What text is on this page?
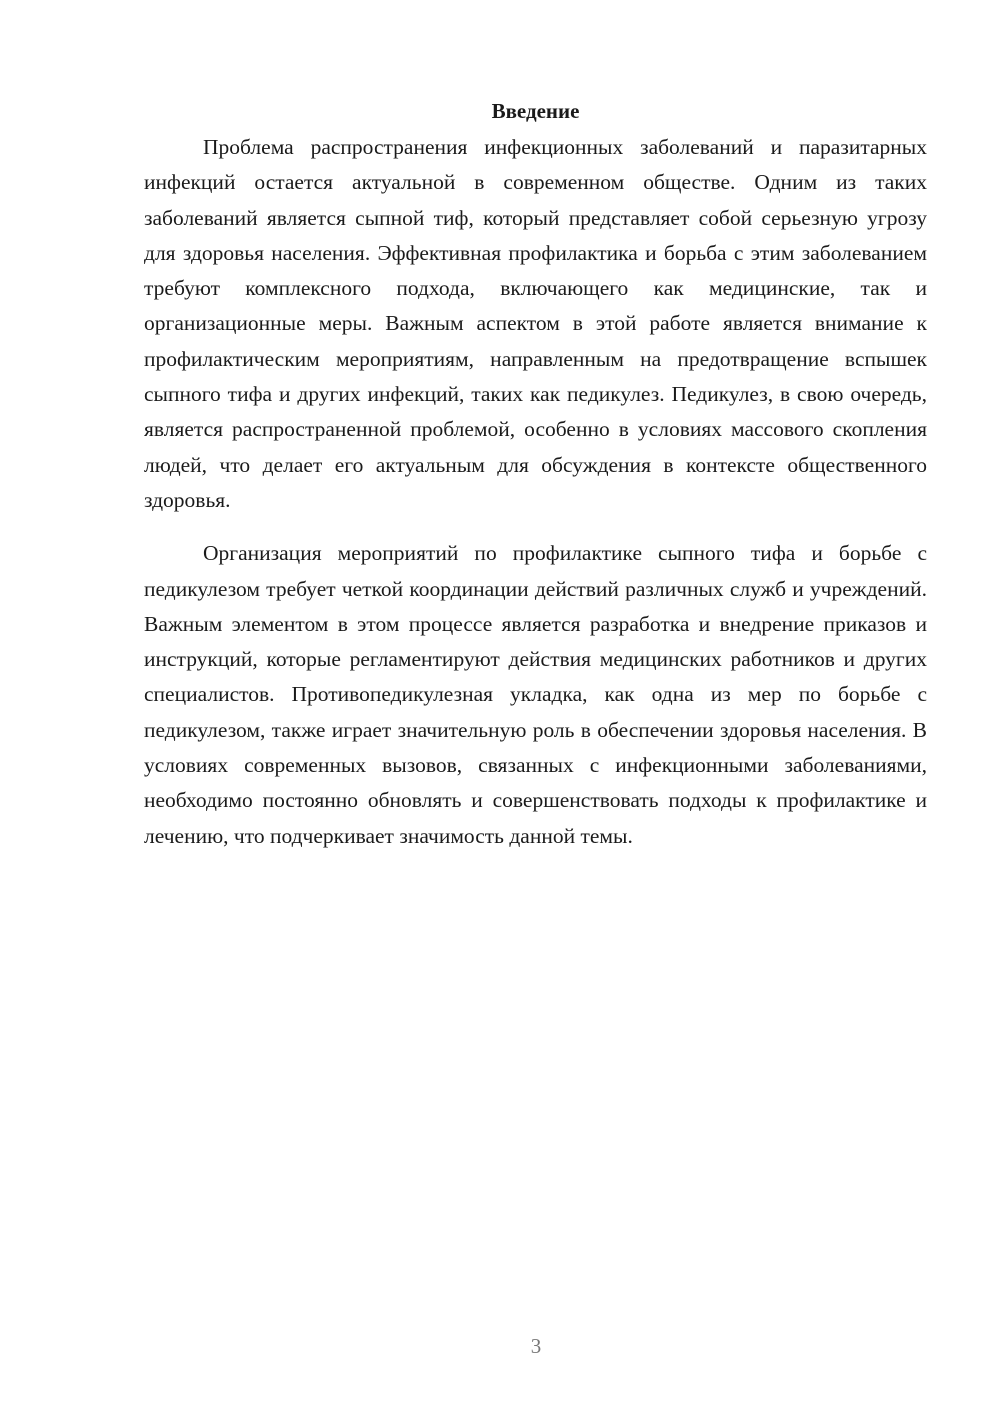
Введение

Проблема распространения инфекционных заболеваний и паразитарных инфекций остается актуальной в современном обществе. Одним из таких заболеваний является сыпной тиф, который представляет собой серьезную угрозу для здоровья населения. Эффективная профилактика и борьба с этим заболеванием требуют комплексного подхода, включающего как медицинские, так и организационные меры. Важным аспектом в этой работе является внимание к профилактическим мероприятиям, направленным на предотвращение вспышек сыпного тифа и других инфекций, таких как педикулез. Педикулез, в свою очередь, является распространенной проблемой, особенно в условиях массового скопления людей, что делает его актуальным для обсуждения в контексте общественного здоровья.

Организация мероприятий по профилактике сыпного тифа и борьбе с педикулезом требует четкой координации действий различных служб и учреждений. Важным элементом в этом процессе является разработка и внедрение приказов и инструкций, которые регламентируют действия медицинских работников и других специалистов. Противопедикулезная укладка, как одна из мер по борьбе с педикулезом, также играет значительную роль в обеспечении здоровья населения. В условиях современных вызовов, связанных с инфекционными заболеваниями, необходимо постоянно обновлять и совершенствовать подходы к профилактике и лечению, что подчеркивает значимость данной темы.

3
